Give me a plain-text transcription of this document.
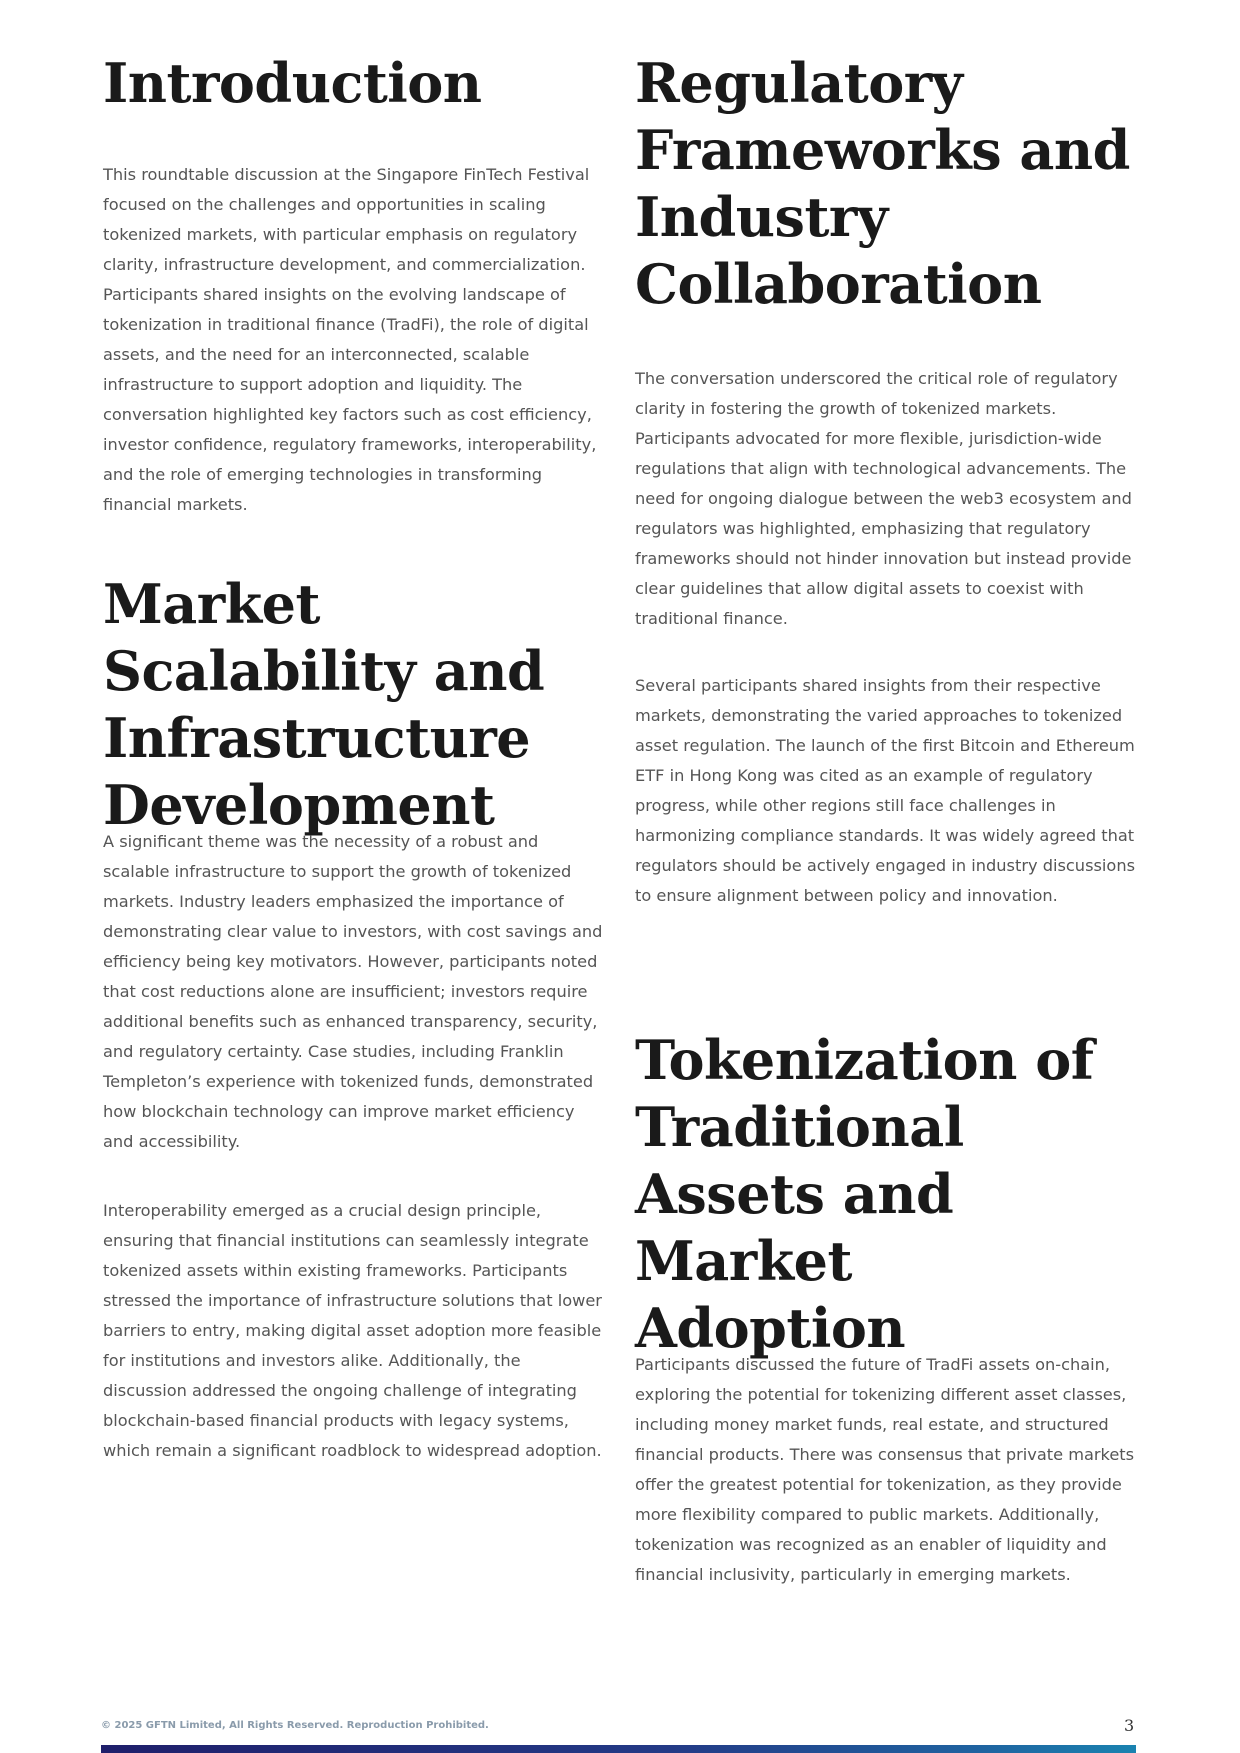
Introduction

This roundtable discussion at the Singapore FinTech Festival focused on the challenges and opportunities in scaling tokenized markets, with particular emphasis on regulatory clarity, infrastructure development, and commercialization. Participants shared insights on the evolving landscape of tokenization in traditional finance (TradFi), the role of digital assets, and the need for an interconnected, scalable infrastructure to support adoption and liquidity. The conversation highlighted key factors such as cost efficiency, investor confidence, regulatory frameworks, interoperability, and the role of emerging technologies in transforming financial markets.

Market Scalability and Infrastructure Development

A significant theme was the necessity of a robust and scalable infrastructure to support the growth of tokenized markets. Industry leaders emphasized the importance of demonstrating clear value to investors, with cost savings and efficiency being key motivators. However, participants noted that cost reductions alone are insufficient; investors require additional benefits such as enhanced transparency, security, and regulatory certainty. Case studies, including Franklin Templeton’s experience with tokenized funds, demonstrated how blockchain technology can improve market efficiency and accessibility.

Interoperability emerged as a crucial design principle, ensuring that financial institutions can seamlessly integrate tokenized assets within existing frameworks. Participants stressed the importance of infrastructure solutions that lower barriers to entry, making digital asset adoption more feasible for institutions and investors alike. Additionally, the discussion addressed the ongoing challenge of integrating blockchain-based financial products with legacy systems, which remain a significant roadblock to widespread adoption.

Regulatory Frameworks and Industry Collaboration

The conversation underscored the critical role of regulatory clarity in fostering the growth of tokenized markets. Participants advocated for more flexible, jurisdiction-wide regulations that align with technological advancements. The need for ongoing dialogue between the web3 ecosystem and regulators was highlighted, emphasizing that regulatory frameworks should not hinder innovation but instead provide clear guidelines that allow digital assets to coexist with traditional finance.

Several participants shared insights from their respective markets, demonstrating the varied approaches to tokenized asset regulation. The launch of the first Bitcoin and Ethereum ETF in Hong Kong was cited as an example of regulatory progress, while other regions still face challenges in harmonizing compliance standards. It was widely agreed that regulators should be actively engaged in industry discussions to ensure alignment between policy and innovation.

Tokenization of Traditional Assets and Market Adoption

Participants discussed the future of TradFi assets on-chain, exploring the potential for tokenizing different asset classes, including money market funds, real estate, and structured financial products. There was consensus that private markets offer the greatest potential for tokenization, as they provide more flexibility compared to public markets. Additionally, tokenization was recognized as an enabler of liquidity and financial inclusivity, particularly in emerging markets.

© 2025 GFTN Limited, All Rights Reserved. Reproduction Prohibited.	3
